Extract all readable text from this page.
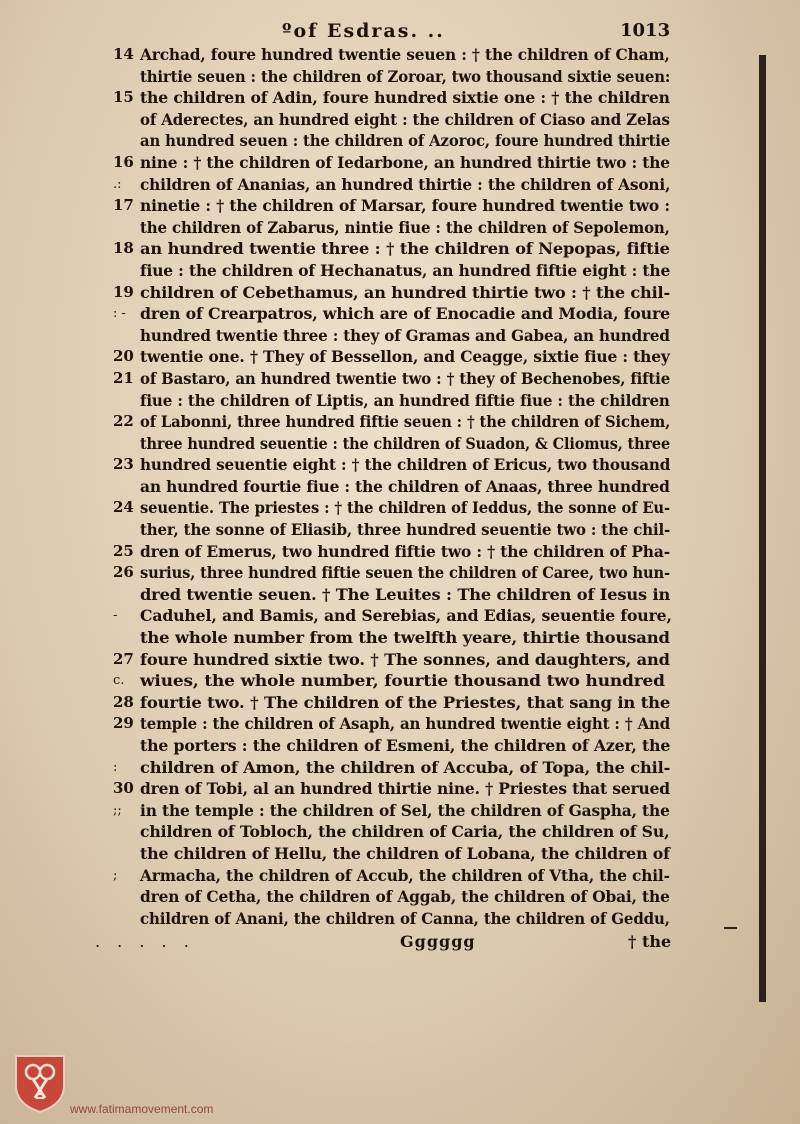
ºof Esdras. ..	1013
14 Archad, foure hundred twentie seuen : † the children of Cham,
thirtie seuen : the children of Zoroar, two thousand sixtie seuen:
15 the children of Adin, foure hundred sixtie one : † the children
of Aderectes, an hundred eight : the children of Ciaso and Zelas
an hundred seuen : the children of Azoroc, foure hundred thirtie
16 nine : † the children of Iedarbone, an hundred thirtie two : the
.:	children of Ananias, an hundred thirtie : the children of Asoni,
17 ninetie : † the children of Marsar, foure hundred twentie two :
the children of Zabarus, nintie fiue : the children of Sepolemon,
18 an hundred twentie three : † the children of Nepopas, fiftie
fiue : the children of Hechanatus, an hundred fiftie eight : the
19 children of Cebethamus, an hundred thirtie two : † the chil-
: - dren of Crearpatros, which are of Enocadie and Modia, foure
hundred twentie three : they of Gramas and Gabea, an hundred
20 twentie one. † They of Bessellon, and Ceagge, sixtie fiue : they
21 of Bastaro, an hundred twentie two : † they of Bechenobes, fiftie
fiue : the children of Liptis, an hundred fiftie fiue : the children
22 of Labonni, three hundred fiftie seuen : † the children of Sichem,
three hundred seuentie : the children of Suadon, & Cliomus, three
23 hundred seuentie eight : † the children of Ericus, two thousand
an hundred fourtie fiue : the children of Anaas, three hundred
24 seuentie. The priestes : † the children of Ieddus, the sonne of Eu-
ther, the sonne of Eliasib, three hundred seuentie two : the chil-
25 dren of Emerus, two hundred fiftie two : † the children of Pha-
26 surius, three hundred fiftie seuen the children of Caree, two hun-
dred twentie seuen. † The Leuites : The children of Iesus in
-	Caduhel, and Bamis, and Serebias, and Edias, seuentie foure,
the whole number from the twelfth yeare, thirtie thousand
27 foure hundred sixtie two. † The sonnes, and daughters, and
c. wiues, the whole number, fourtie thousand two hundred
28 fourtie two. † The children of the Priestes, that sang in the
29 temple : the children of Asaph, an hundred twentie eight : † And
the porters : the children of Esmeni, the children of Azer, the
:	children of Amon, the children of Accuba, of Topa, the chil-
30 dren of Tobi, al an hundred thirtie nine. † Priestes that serued
;;	in the temple : the children of Sel, the children of Gaspha, the
children of Tobloch, the children of Caria, the children of Su,
the children of Hellu, the children of Lobana, the children of
;	Armacha, the children of Accub, the children of Vtha, the chil-
dren of Cetha, the children of Aggab, the children of Obai, the
children of Anani, the children of Canna, the children of Geddu,
. . . . .	Gggggg	† the
www.fatimamovement.com
